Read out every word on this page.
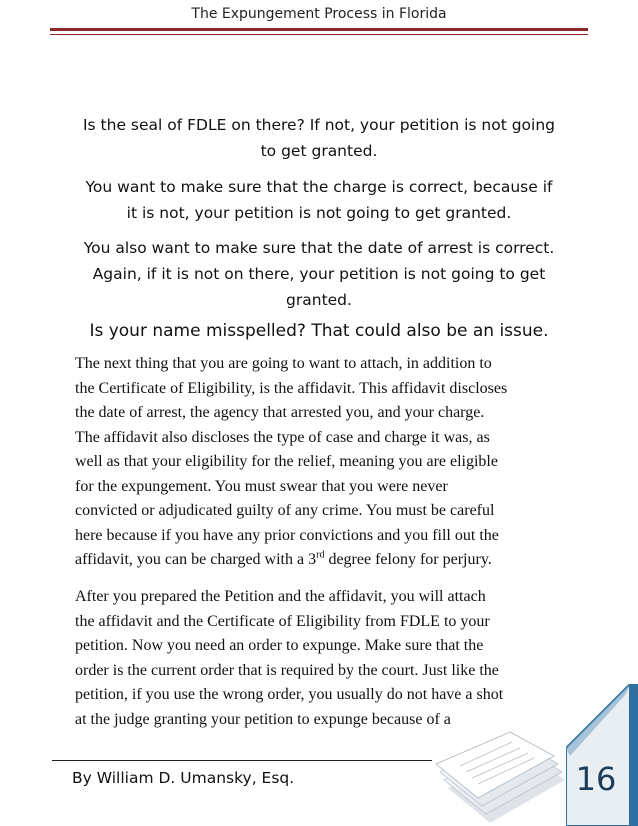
The Expungement Process in Florida
Is the seal of FDLE on there? If not, your petition is not going
to get granted.
You want to make sure that the charge is correct, because if
it is not, your petition is not going to get granted.
You also want to make sure that the date of arrest is correct.
Again, if it is not on there, your petition is not going to get
granted.
Is your name misspelled? That could also be an issue.
The next thing that you are going to want to attach, in addition to
the Certificate of Eligibility, is the affidavit. This affidavit discloses
the date of arrest, the agency that arrested you, and your charge.
The affidavit also discloses the type of case and charge it was, as
well as that your eligibility for the relief, meaning you are eligible
for the expungement. You must swear that you were never
convicted or adjudicated guilty of any crime. You must be careful
here because if you have any prior convictions and you fill out the
affidavit, you can be charged with a 3rd degree felony for perjury.
After you prepared the Petition and the affidavit, you will attach
the affidavit and the Certificate of Eligibility from FDLE to your
petition. Now you need an order to expunge. Make sure that the
order is the current order that is required by the court. Just like the
petition, if you use the wrong order, you usually do not have a shot
at the judge granting your petition to expunge because of a
By William D. Umansky, Esq.	16
